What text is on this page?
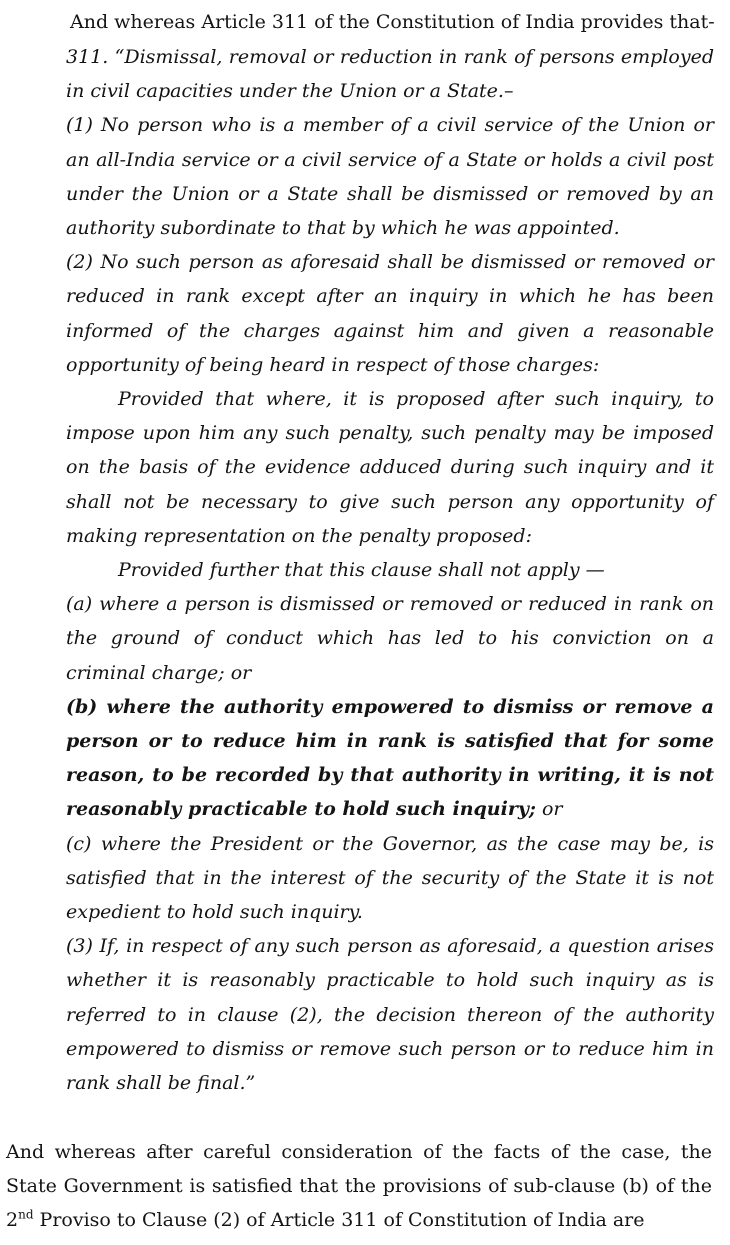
And whereas Article 311 of the Constitution of India provides that-

311. “Dismissal, removal or reduction in rank of persons employed in civil capacities under the Union or a State.–

(1) No person who is a member of a civil service of the Union or an all-India service or a civil service of a State or holds a civil post under the Union or a State shall be dismissed or removed by an authority subordinate to that by which he was appointed.

(2) No such person as aforesaid shall be dismissed or removed or reduced in rank except after an inquiry in which he has been informed of the charges against him and given a reasonable opportunity of being heard in respect of those charges:

Provided that where, it is proposed after such inquiry, to impose upon him any such penalty, such penalty may be imposed on the basis of the evidence adduced during such inquiry and it shall not be necessary to give such person any opportunity of making representation on the penalty proposed:

Provided further that this clause shall not apply —

(a) where a person is dismissed or removed or reduced in rank on the ground of conduct which has led to his conviction on a criminal charge; or

(b) where the authority empowered to dismiss or remove a person or to reduce him in rank is satisfied that for some reason, to be recorded by that authority in writing, it is not reasonably practicable to hold such inquiry; or

(c) where the President or the Governor, as the case may be, is satisfied that in the interest of the security of the State it is not expedient to hold such inquiry.

(3) If, in respect of any such person as aforesaid, a question arises whether it is reasonably practicable to hold such inquiry as is referred to in clause (2), the decision thereon of the authority empowered to dismiss or remove such person or to reduce him in rank shall be final.”

And whereas after careful consideration of the facts of the case, the State Government is satisfied that the provisions of sub-clause (b) of the 2nd Proviso to Clause (2) of Article 311 of Constitution of India are
